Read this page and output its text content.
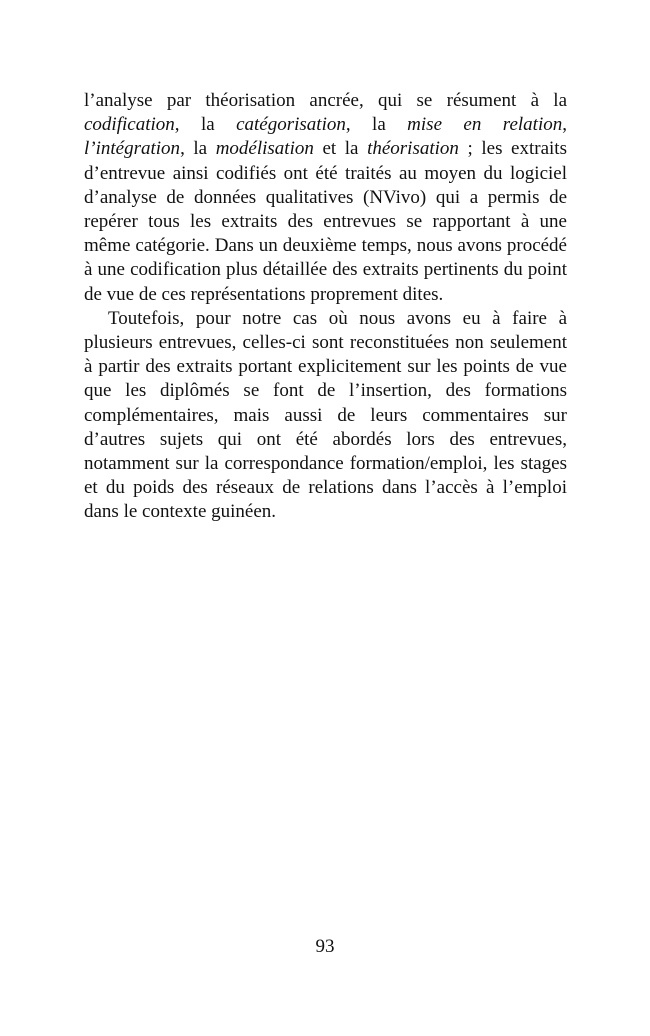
l’analyse par théorisation ancrée, qui se résument à la codification, la catégorisation, la mise en relation, l’intégration, la modélisation et la théorisation ; les extraits d’entrevue ainsi codifiés ont été traités au moyen du logiciel d’analyse de données qualitatives (NVivo) qui a permis de repérer tous les extraits des entrevues se rapportant à une même catégorie. Dans un deuxième temps, nous avons procédé à une codification plus détaillée des extraits pertinents du point de vue de ces représentations proprement dites.

Toutefois, pour notre cas où nous avons eu à faire à plusieurs entrevues, celles-ci sont reconstituées non seulement à partir des extraits portant explicitement sur les points de vue que les diplômés se font de l’insertion, des formations complémentaires, mais aussi de leurs commentaires sur d’autres sujets qui ont été abordés lors des entrevues, notamment sur la correspondance formation/emploi, les stages et du poids des réseaux de relations dans l’accès à l’emploi dans le contexte guinéen.

93
